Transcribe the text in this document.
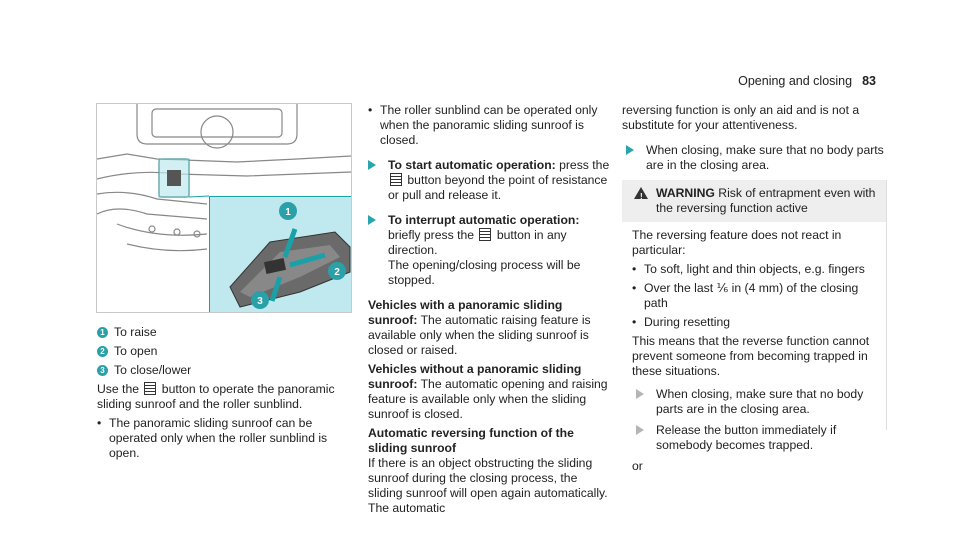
Opening and closing 83
1
2
3
1 To raise
2 To open
3 To close/lower
Use the button to operate the panoramic sliding sunroof and the roller sunblind.
• The panoramic sliding sunroof can be operated only when the roller sunblind is open.
• The roller sunblind can be operated only when the panoramic sliding sunroof is closed.
To start automatic operation: press the  button beyond the point of resistance or pull and release it.
To interrupt automatic operation: briefly press the button in any direction.
The opening/closing process will be stopped.
Vehicles with a panoramic sliding sunroof: The automatic raising feature is available only when the sliding sunroof is closed or raised.
Vehicles without a panoramic sliding sunroof: The automatic opening and raising feature is available only when the sliding sunroof is closed.
Automatic reversing function of the sliding sunroof
If there is an object obstructing the sliding sunroof during the closing process, the sliding sunroof will open again automatically. The automatic
reversing function is only an aid and is not a substitute for your attentiveness.
When closing, make sure that no body parts are in the closing area.
! WARNING Risk of entrapment even with the reversing function active
The reversing feature does not react in particular:
• To soft, light and thin objects, e.g. fingers
• Over the last ⅙ in (4 mm) of the closing path
• During resetting
This means that the reverse function cannot prevent someone from becoming trapped in these situations.
When closing, make sure that no body parts are in the closing area.
Release the button immediately if somebody becomes trapped.
or
